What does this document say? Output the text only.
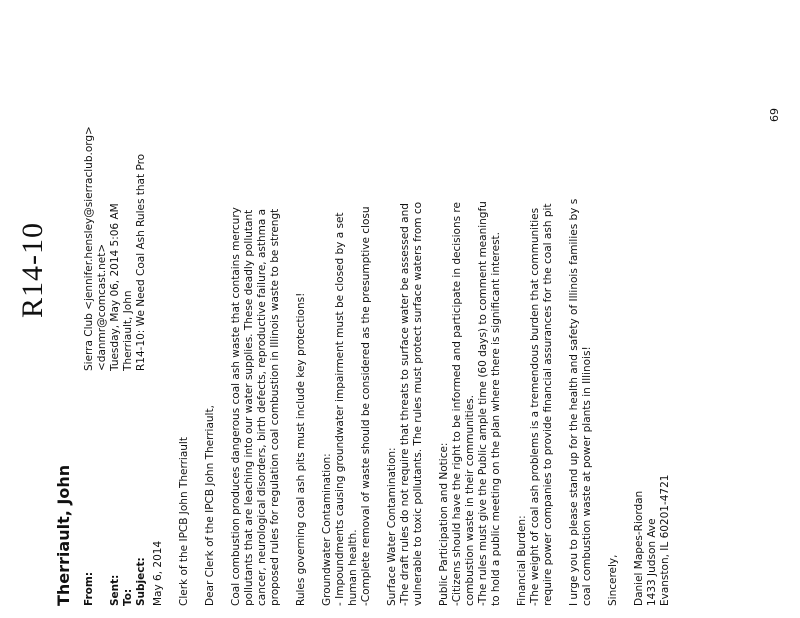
R14-10
Therriault, John From:
Sierra Club <jennifer.hensley@sierraclub.org> <danmr@comcast.net>
Sent:
Tuesday, May 06, 2014 5:06 AM
To:
Therriault, John
Subject:
R14-10: We Need Coal Ash Rules that Pro

May 6, 2014 Clerk of the IPCB John Therriault Dear Clerk of the IPCB John Therriault, Coal combustion produces dangerous coal ash waste that contains mercury pollutants that are leaching into our water supplies. These deadly pollutant cancer, neurological disorders, birth defects, reproductive failure, asthma a proposed rules for regulation coal combustion in Illinois waste to be strengt Rules governing coal ash pits must include key protections! Groundwater Contamination: - Impoundments causing groundwater impairment must be closed by a set human health. -Complete removal of waste should be considered as the presumptive closu Surface Water Contamination: -The draft rules do not require that threats to surface water be assessed and vulnerable to toxic pollutants. The rules must protect surface waters from co Public Participation and Notice: -Citizens should have the right to be informed and participate in decisions re combustion waste in their communities. -The rules must give the Public ample time (60 days) to comment meaningfu to hold a public meeting on the plan where there is significant interest. Financial Burden: -The weight of coal ash problems is a tremendous burden that communities require power companies to provide financial assurances for the coal ash pit I urge you to please stand up for the health and safety of Illinois families by s coal combustion waste at power plants in Illinois! Sincerely, Daniel Mapes-Riordan 1433 Judson Ave Evanston, IL 60201-4721

69
